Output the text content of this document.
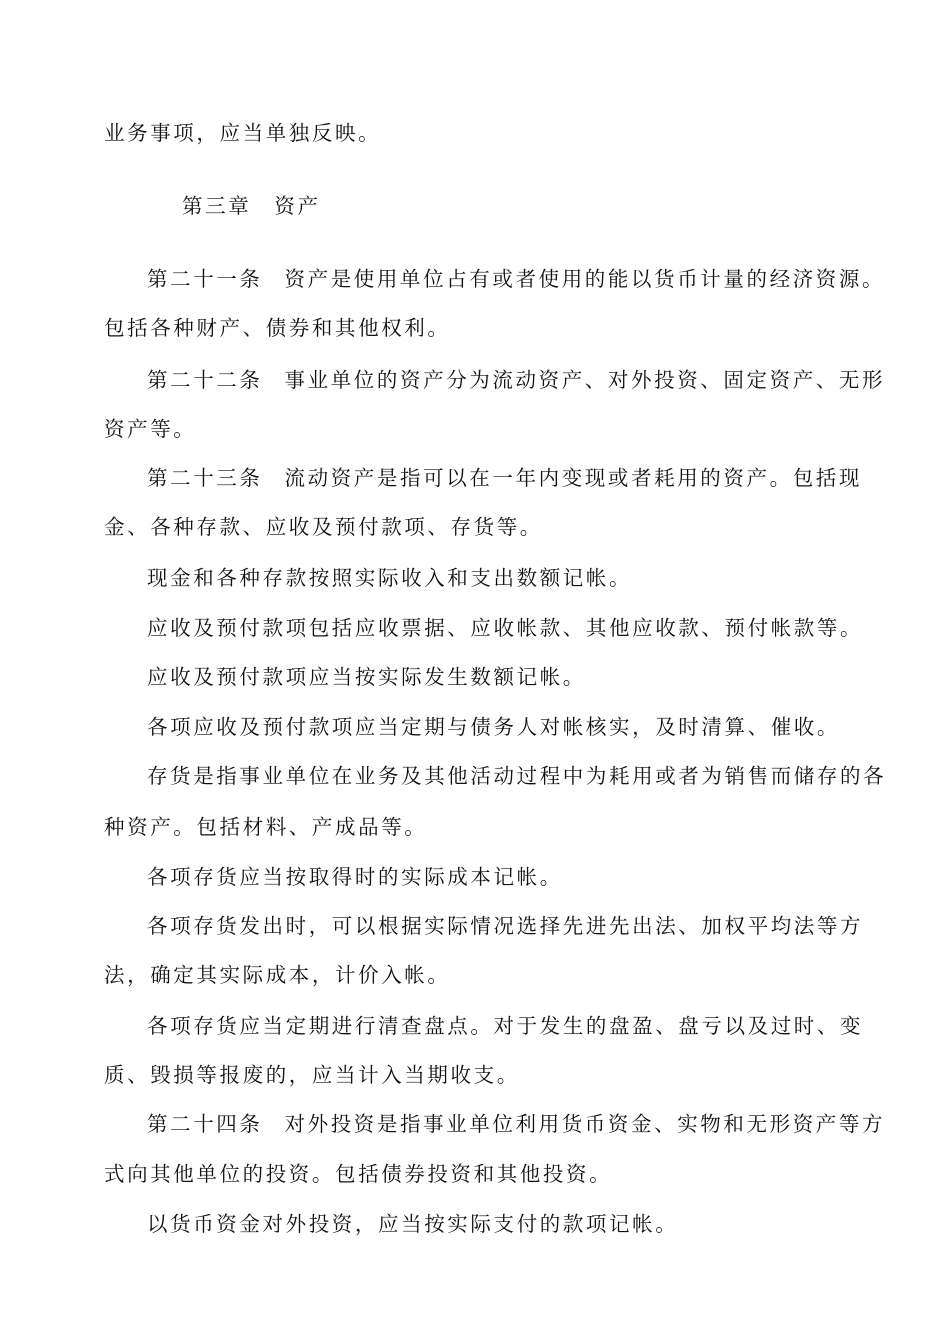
业务事项，应当单独反映。
第三章　资产
第二十一条 资产是使用单位占有或者使用的能以货币计量的经济资源。
包括各种财产、债券和其他权利。
第二十二条 事业单位的资产分为流动资产、对外投资、固定资产、无形
资产等。
第二十三条 流动资产是指可以在一年内变现或者耗用的资产。包括现
金、各种存款、应收及预付款项、存货等。
现金和各种存款按照实际收入和支出数额记帐。
应收及预付款项包括应收票据、应收帐款、其他应收款、预付帐款等。
应收及预付款项应当按实际发生数额记帐。
各项应收及预付款项应当定期与债务人对帐核实，及时清算、催收。
存货是指事业单位在业务及其他活动过程中为耗用或者为销售而储存的各
种资产。包括材料、产成品等。
各项存货应当按取得时的实际成本记帐。
各项存货发出时，可以根据实际情况选择先进先出法、加权平均法等方
法，确定其实际成本，计价入帐。
各项存货应当定期进行清查盘点。对于发生的盘盈、盘亏以及过时、变
质、毁损等报废的，应当计入当期收支。
第二十四条 对外投资是指事业单位利用货币资金、实物和无形资产等方
式向其他单位的投资。包括债券投资和其他投资。
以货币资金对外投资，应当按实际支付的款项记帐。
